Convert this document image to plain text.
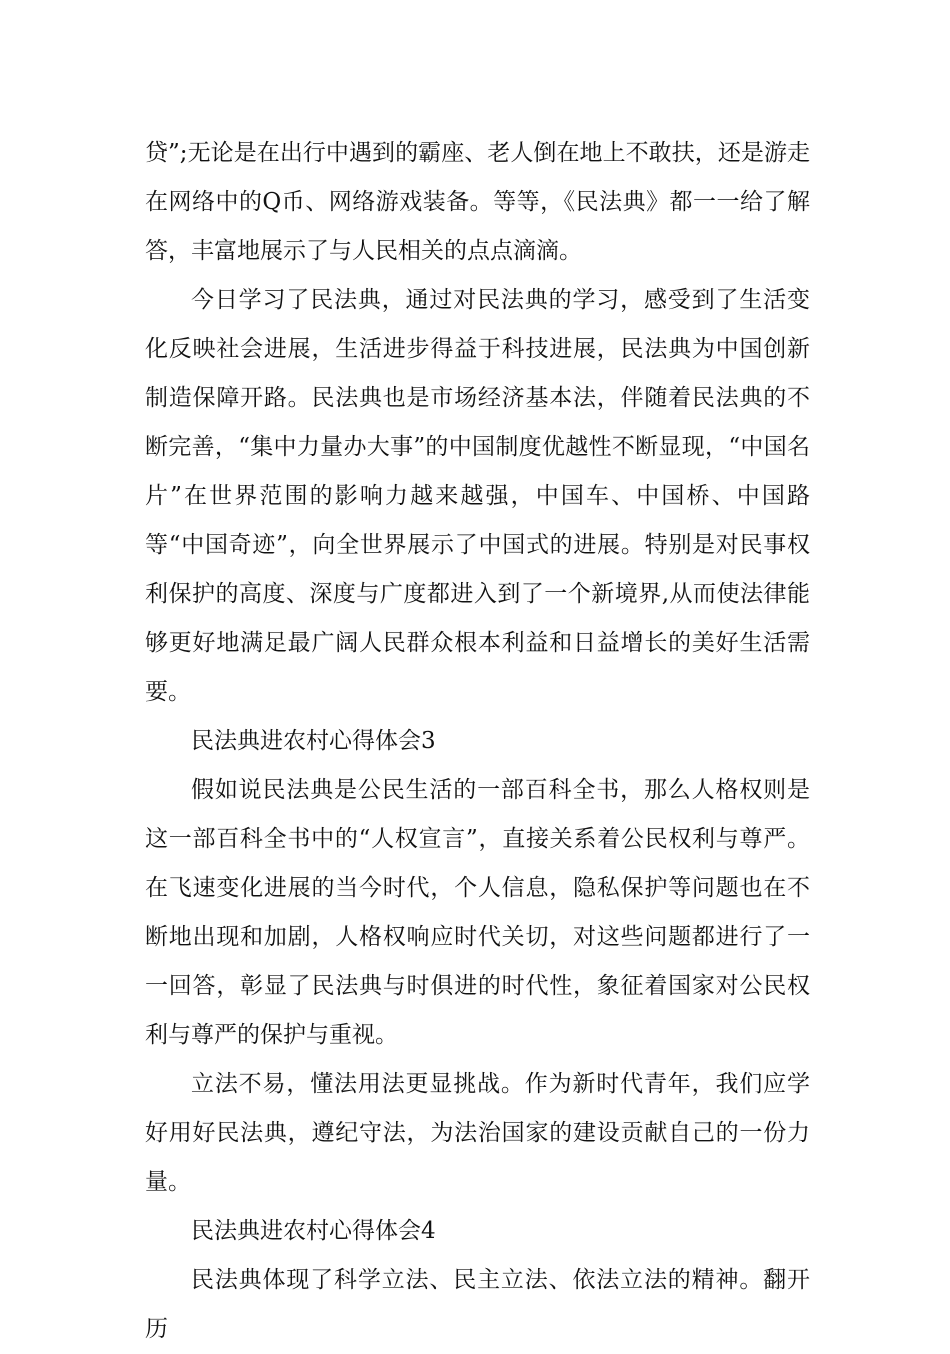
贷”;无论是在出行中遇到的霸座、老人倒在地上不敢扶，还是游走在网络中的Q币、网络游戏装备。等等，《民法典》都一一给了解答，丰富地展示了与人民相关的点点滴滴。

今日学习了民法典，通过对民法典的学习，感受到了生活变化反映社会进展，生活进步得益于科技进展，民法典为中国创新制造保障开路。民法典也是市场经济基本法，伴随着民法典的不断完善，“集中力量办大事”的中国制度优越性不断显现，“中国名片”在世界范围的影响力越来越强，中国车、中国桥、中国路等“中国奇迹”，向全世界展示了中国式的进展。特别是对民事权利保护的高度、深度与广度都进入到了一个新境界,从而使法律能够更好地满足最广阔人民群众根本利益和日益增长的美好生活需要。

民法典进农村心得体会3

假如说民法典是公民生活的一部百科全书，那么人格权则是这一部百科全书中的“人权宣言”，直接关系着公民权利与尊严。在飞速变化进展的当今时代，个人信息，隐私保护等问题也在不断地出现和加剧，人格权响应时代关切，对这些问题都进行了一一回答，彰显了民法典与时俱进的时代性，象征着国家对公民权利与尊严的保护与重视。

立法不易，懂法用法更显挑战。作为新时代青年，我们应学好用好民法典，遵纪守法，为法治国家的建设贡献自己的一份力量。

民法典进农村心得体会4

民法典体现了科学立法、民主立法、依法立法的精神。翻开历
